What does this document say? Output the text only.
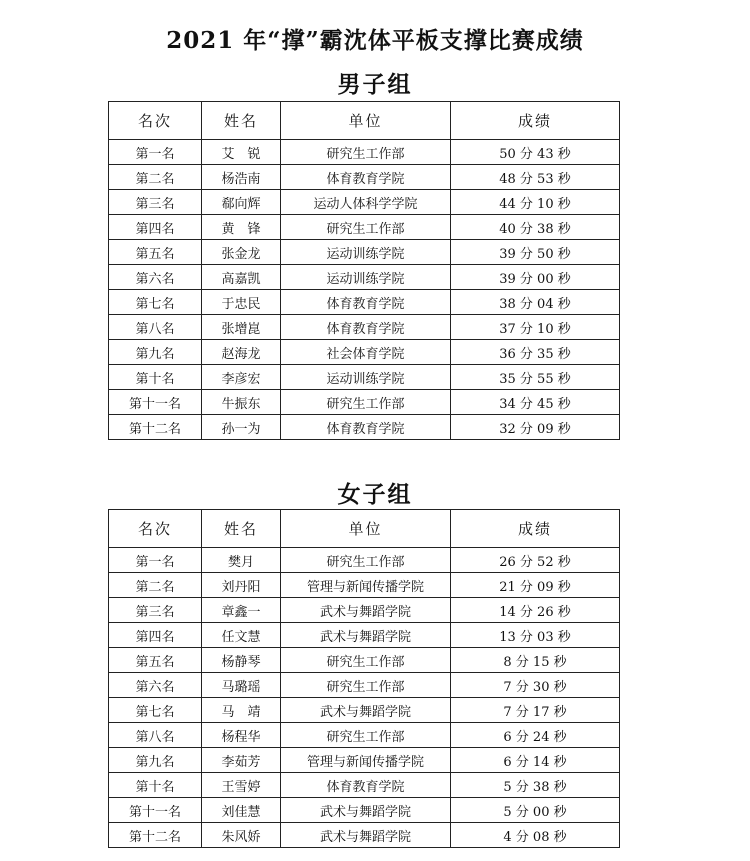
2021 年“撑”霸沈体平板支撑比赛成绩
男子组
名次	姓名	单位	成绩
第一名	艾　锐	研究生工作部	50 分 43 秒
第二名	杨浩南	体育教育学院	48 分 53 秒
第三名	郗向辉	运动人体科学学院	44 分 10 秒
第四名	黄　锋	研究生工作部	40 分 38 秒
第五名	张金龙	运动训练学院	39 分 50 秒
第六名	高嘉凯	运动训练学院	39 分 00 秒
第七名	于忠民	体育教育学院	38 分 04 秒
第八名	张增崑	体育教育学院	37 分 10 秒
第九名	赵海龙	社会体育学院	36 分 35 秒
第十名	李彦宏	运动训练学院	35 分 55 秒
第十一名	牛振东	研究生工作部	34 分 45 秒
第十二名	孙一为	体育教育学院	32 分 09 秒
女子组
名次	姓名	单位	成绩
第一名	樊月	研究生工作部	26 分 52 秒
第二名	刘丹阳	管理与新闻传播学院	21 分 09 秒
第三名	章鑫一	武术与舞蹈学院	14 分 26 秒
第四名	任文慧	武术与舞蹈学院	13 分 03 秒
第五名	杨静琴	研究生工作部	8 分 15 秒
第六名	马璐瑶	研究生工作部	7 分 30 秒
第七名	马　靖	武术与舞蹈学院	7 分 17 秒
第八名	杨程华	研究生工作部	6 分 24 秒
第九名	李茹芳	管理与新闻传播学院	6 分 14 秒
第十名	王雪婷	体育教育学院	5 分 38 秒
第十一名	刘佳慧	武术与舞蹈学院	5 分 00 秒
第十二名	朱风娇	武术与舞蹈学院	4 分 08 秒
